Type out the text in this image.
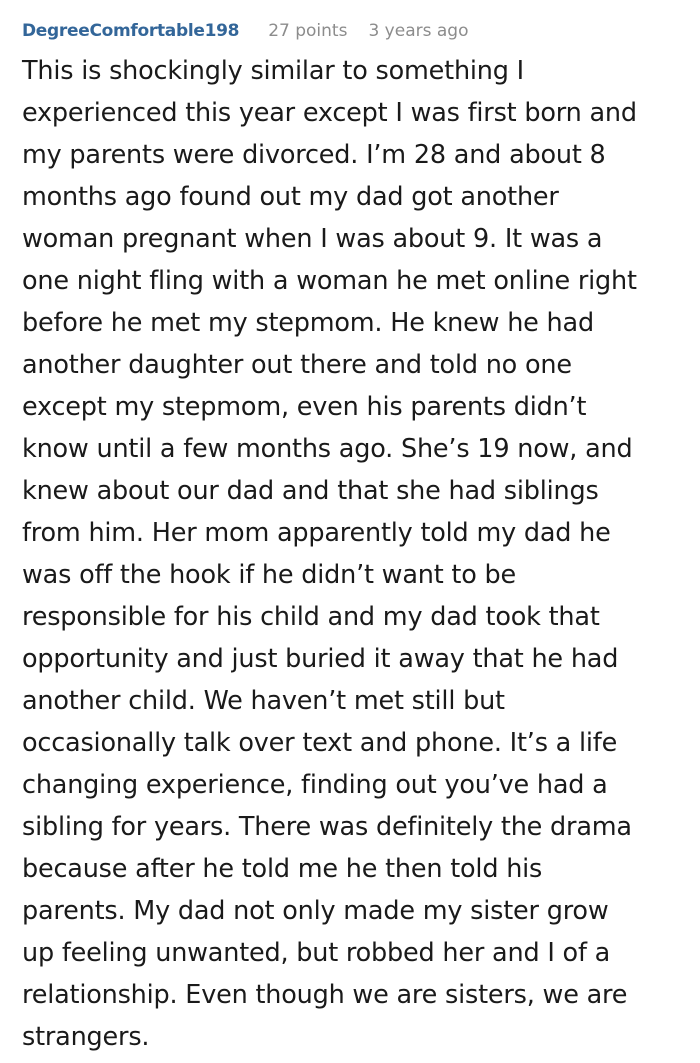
DegreeComfortable198 27 points 3 years ago
This is shockingly similar to something I
experienced this year except I was first born and
my parents were divorced. I’m 28 and about 8
months ago found out my dad got another
woman pregnant when I was about 9. It was a
one night fling with a woman he met online right
before he met my stepmom. He knew he had
another daughter out there and told no one
except my stepmom, even his parents didn’t
know until a few months ago. She’s 19 now, and
knew about our dad and that she had siblings
from him. Her mom apparently told my dad he
was off the hook if he didn’t want to be
responsible for his child and my dad took that
opportunity and just buried it away that he had
another child. We haven’t met still but
occasionally talk over text and phone. It’s a life
changing experience, finding out you’ve had a
sibling for years. There was definitely the drama
because after he told me he then told his
parents. My dad not only made my sister grow
up feeling unwanted, but robbed her and I of a
relationship. Even though we are sisters, we are
strangers.
